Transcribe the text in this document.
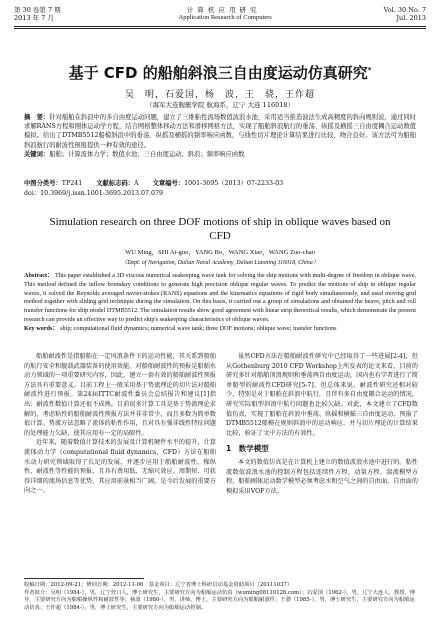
第 30 卷第 7 期	计 算 机 应 用 研 究	Vol. 30 No. 7
2013 年 7 月	Application Research of Computers	Jul. 2013
基于 CFD 的船舶斜浪三自由度运动仿真研究*
吴　明，石爱国，杨　波，王　骁，王作超
（海军大连舰艇学院 航海系，辽宁 大连 116018）
摘　要：针对船舶在斜浪中的多自由度运动问题，建立了三维粘性流场数值波浪水池，采用适当推造波法生成高精度的斜向规则波，通过同时求解RANS方程和刚体运动学方程，结合网格整体移动方法和滑移网格方法，实现了船舶斜浪航行的垂荡、纵摇及横摇三自由度耦合运动数值模拟。给出了DTMB5512船模斜浪中的垂荡、纵摇及横摇的频率响应函数，与线性切片理论计算结果进行比较，吻合良好。该方法可为船舶斜浪航行的耐波性预报提供一种有效的途径。
关键词：船舶；计算流体力学；数值水池；三自由度运动；斜浪；频率响应函数
中图分类号：TP241 文献标志码：A 文章编号：1001-3695（2013）07-2233-03
doi：10.3969/j.issn.1001-3695.2013.07.079
Simulation research on three DOF motions of ship in oblique waves based on CFD
WU Ming，SHI Ai-guo，YANG Bo，WANG Xiao，WANG Zuo-chao
（Dept. of Navigation, Dalian Naval Academy, Dalian Liaoning 116018, China）
Abstract： This paper established a 3D viscous numerical seakeeping wave tank for solving the ship motions with multi-degree of freedom in oblique wave. This method defined the inflow boundary conditions to generate high precision oblique regular waves. To predict the motions of ship in oblique regular waves, it solved the Reynolds averaged navier-stokes (RANS) equations and the kinematics equations of rigid body simultaneously, and used moving grid method together with sliding grid technique during the simulation. On this basis, it carried out a group of simulations and obtained the heave, pitch and roll transfer functions for ship model DTMB5512. The simulation results show good agreement with linear strip theoretical results, which demonstrate the present research can provide an effective way to predict ship's seakeeping characteristics of oblique waves.
Key words： ship; computational fluid dynamics; numerical wave tank; three DOF motions; oblique wave; transfer functions

船舶耐波性是指船舶在一定风浪条件下的运动性能，其关系到船舶的航行安全和舰载武器装备的使用效能。对船舶耐波性的预报是船舶水动力领域的一项重要研究内容，因此，建立一套有效的船舶耐波性预报方法具有重要意义。目前工程上一般采用基于势流理论的切片法对船舶耐波性进行预报。第24届ITTC耐波性委员会总结报告和建议[1]指出：耐波性数值计算还很不成熟。目前很多计算工具是基于势流理论求解的，考虑粘性的船舶耐波性预报方法并非非常少，而且多数为简单数值计算。势流方法忽略了流体的粘性作用，且对具有强非线性特征问题的处理能力欠缺，使其应用有一定的局限性。

近年来，随着数值计算技术的发展及计算机硬件水平的提升，计算流体动力学（computational fluid dynamics，CFD）方法在船舶水动力研究领域取得了长足的发展，并逐步应用于船舶耐波性、操纵性、耐波性等性能的预报，且具有费用低、无缩尺效应、周期短、可获得详细的流场信息等优势，其应用前景相当广阔，是今后发展的重要方向之一。

虽然CFD方法在船舶耐波性研究中已经取得了一些进展[2-4]，但从Gothenburg 2010 CFD Workshop上所发表的论文来看，目前的研究多针对船舶顶浪规则和垂荡两自由度运动，国内也有学者进行了简单船型的耐波性CFD研究[5-7]，但总体来说，耐波性研究还相对较少，特别是对于船舶在斜浪中航行，且伴有多自由度耦合运动的情况，研究实际船型斜浪中航行问题也比较欠缺。对此，本文建立了CFD数值仿真，实现了船舶在斜浪中垂荡、纵摇和横摇三自由度运动，预报了DTMB5512船模在规则斜浪中的运动响应，并与切片理论的计算结果比较，验证了文中方法的有效性。

1　数学模型

本文的数值仿真是在计算机上建立的数值波浪水池中进行的。粘性流数值波浪水池的控制方程包括连续性方程、动量方程、湍流模型方程，船舶刚体运动数学模型必须考虑水和空气之间的自由面，自由面的模拟采用VOF方法。

收稿日期：2012-09-21；修回日期：2012-11-06　基金项目：辽宁省博士科研启动基金资助项目（20111037）
作者简介：吴明（1984-），男，辽宁营口人，博士研究生，主要研究方向为船舶运动仿真（wuming08110126.com）；石爱国（1962-），男，辽宁大连人，教授，博导，主要研究方向为船舶操纵性和耐波性等；杨波（1980-），男，讲师，博士，主要研究方向为船舶耐波性；王骁（1985-），男，博士研究生，主要研究方向为船舶运动仿真；王作超（1984-），男，博士研究生，主要研究方向为船舶运动控制。
